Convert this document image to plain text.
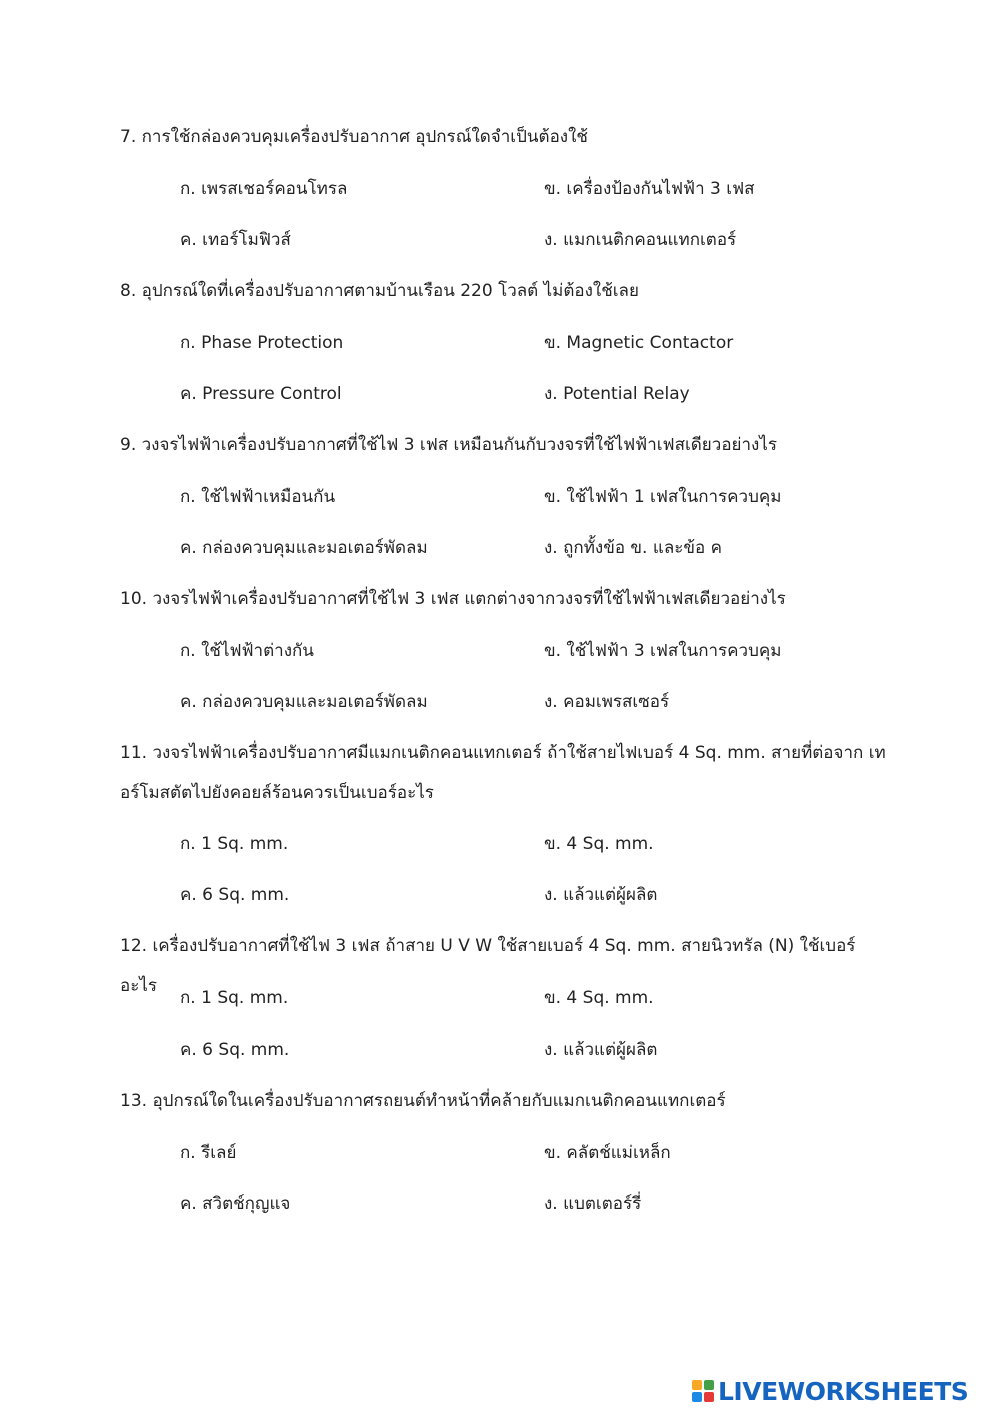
7. การใช้กล่องควบคุมเครื่องปรับอากาศ อุปกรณ์ใดจำเป็นต้องใช้
ก. เพรสเชอร์คอนโทรล	ข. เครื่องป้องกันไฟฟ้า 3 เฟส
ค. เทอร์โมฟิวส์	ง. แมกเนติกคอนแทกเตอร์
8. อุปกรณ์ใดที่เครื่องปรับอากาศตามบ้านเรือน 220 โวลต์ ไม่ต้องใช้เลย
ก. Phase Protection	ข. Magnetic Contactor
ค. Pressure Control	ง. Potential Relay
9. วงจรไฟฟ้าเครื่องปรับอากาศที่ใช้ไฟ 3 เฟส เหมือนกันกับวงจรที่ใช้ไฟฟ้าเฟสเดียวอย่างไร
ก. ใช้ไฟฟ้าเหมือนกัน	ข. ใช้ไฟฟ้า 1 เฟสในการควบคุม
ค. กล่องควบคุมและมอเตอร์พัดลม	ง. ถูกทั้งข้อ ข. และข้อ ค
10. วงจรไฟฟ้าเครื่องปรับอากาศที่ใช้ไฟ 3 เฟส แตกต่างจากวงจรที่ใช้ไฟฟ้าเฟสเดียวอย่างไร
ก. ใช้ไฟฟ้าต่างกัน	ข. ใช้ไฟฟ้า 3 เฟสในการควบคุม
ค. กล่องควบคุมและมอเตอร์พัดลม	ง. คอมเพรสเซอร์
11. วงจรไฟฟ้าเครื่องปรับอากาศมีแมกเนติกคอนแทกเตอร์ ถ้าใช้สายไฟเบอร์ 4 Sq. mm. สายที่ต่อจาก เทอร์โมสตัตไปยังคอยล์ร้อนควรเป็นเบอร์อะไร
ก. 1 Sq. mm.	ข. 4 Sq. mm.
ค. 6 Sq. mm.	ง. แล้วแต่ผู้ผลิต
12. เครื่องปรับอากาศที่ใช้ไฟ 3 เฟส ถ้าสาย U V W ใช้สายเบอร์ 4 Sq. mm. สายนิวทรัล (N) ใช้เบอร์อะไร
ก. 1 Sq. mm.	ข. 4 Sq. mm.
ค. 6 Sq. mm.	ง. แล้วแต่ผู้ผลิต
13. อุปกรณ์ใดในเครื่องปรับอากาศรถยนต์ทำหน้าที่คล้ายกับแมกเนติกคอนแทกเตอร์
ก. รีเลย์	ข. คลัตช์แม่เหล็ก
ค. สวิตช์กุญแจ	ง. แบตเตอร์รี่
LIVEWORKSHEETS
